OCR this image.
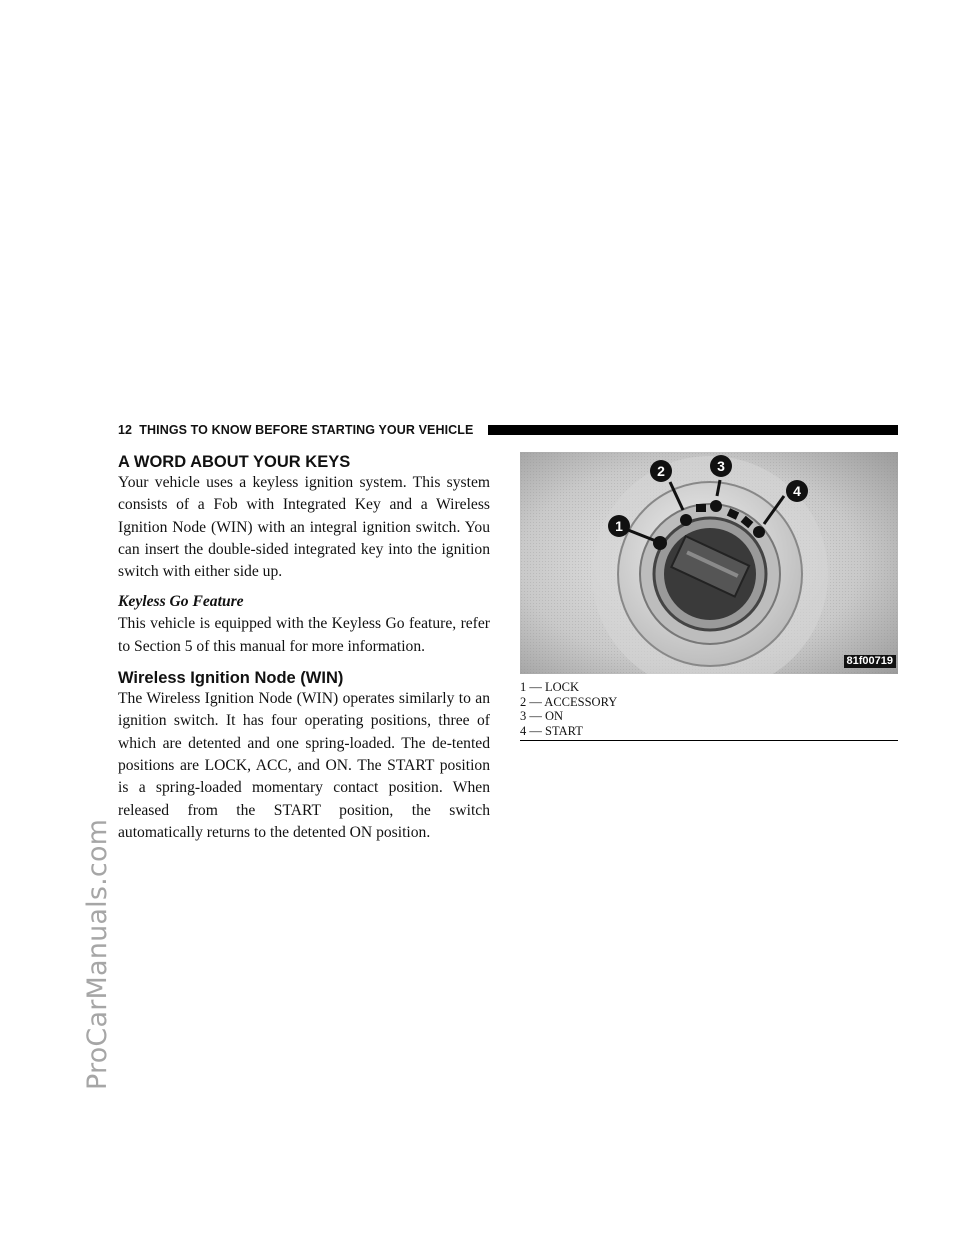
ProCarManuals.com
12 THINGS TO KNOW BEFORE STARTING YOUR VEHICLE
A WORD ABOUT YOUR KEYS

Your vehicle uses a keyless ignition system. This system consists of a Fob with Integrated Key and a Wireless Ignition Node (WIN) with an integral ignition switch. You can insert the double-sided integrated key into the ignition switch with either side up.

Keyless Go Feature

This vehicle is equipped with the Keyless Go feature, refer to Section 5 of this manual for more information.

Wireless Ignition Node (WIN)

The Wireless Ignition Node (WIN) operates similarly to an ignition switch. It has four operating positions, three of which are detented and one spring-loaded. The de-tented positions are LOCK, ACC, and ON. The START position is a spring-loaded momentary contact position. When released from the START position, the switch automatically returns to the detented ON position.

1
2	3
4
81f00719
1 — LOCK
2 — ACCESSORY
3 — ON
4 — START
